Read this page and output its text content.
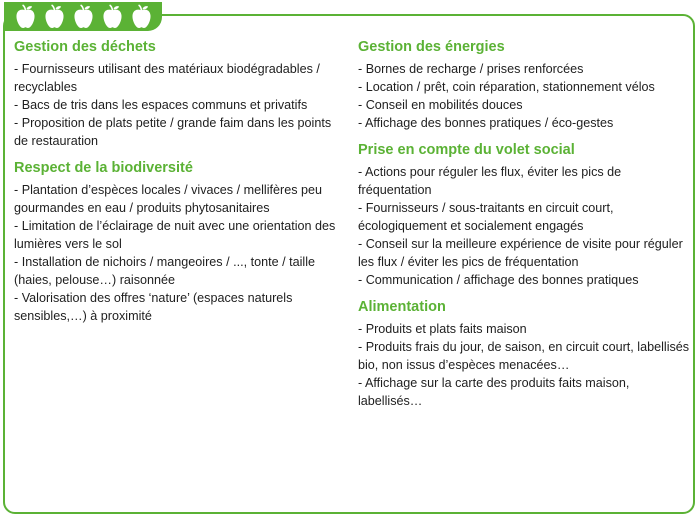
Gestion des déchets
- Fournisseurs utilisant des matériaux biodégradables / recyclables
- Bacs de tris dans les espaces communs et privatifs
- Proposition de plats petite / grande faim dans les points de restauration
Respect de la biodiversité
- Plantation d’espèces locales / vivaces / mellifères peu gourmandes en eau / produits phytosanitaires
- Limitation de l’éclairage de nuit avec une orientation des lumières vers le sol
- Installation de nichoirs / mangeoires / ..., tonte / taille (haies, pelouse…) raisonnée
- Valorisation des offres ‘nature’ (espaces naturels sensibles,…) à proximité
Gestion des énergies
- Bornes de recharge / prises renforcées
- Location / prêt, coin réparation, stationnement vélos
- Conseil en mobilités douces
- Affichage des bonnes pratiques / éco-gestes
Prise en compte du volet social
- Actions pour réguler les flux, éviter les pics de fréquentation
- Fournisseurs / sous-traitants en circuit court, écologiquement et socialement engagés
- Conseil sur la meilleure expérience de visite pour réguler les flux / éviter les pics de fréquentation
- Communication / affichage des bonnes pratiques
Alimentation
- Produits et plats faits maison
- Produits frais du jour, de saison, en circuit court, labellisés bio, non issus d’espèces menacées…
- Affichage sur la carte des produits faits maison, labellisés…
